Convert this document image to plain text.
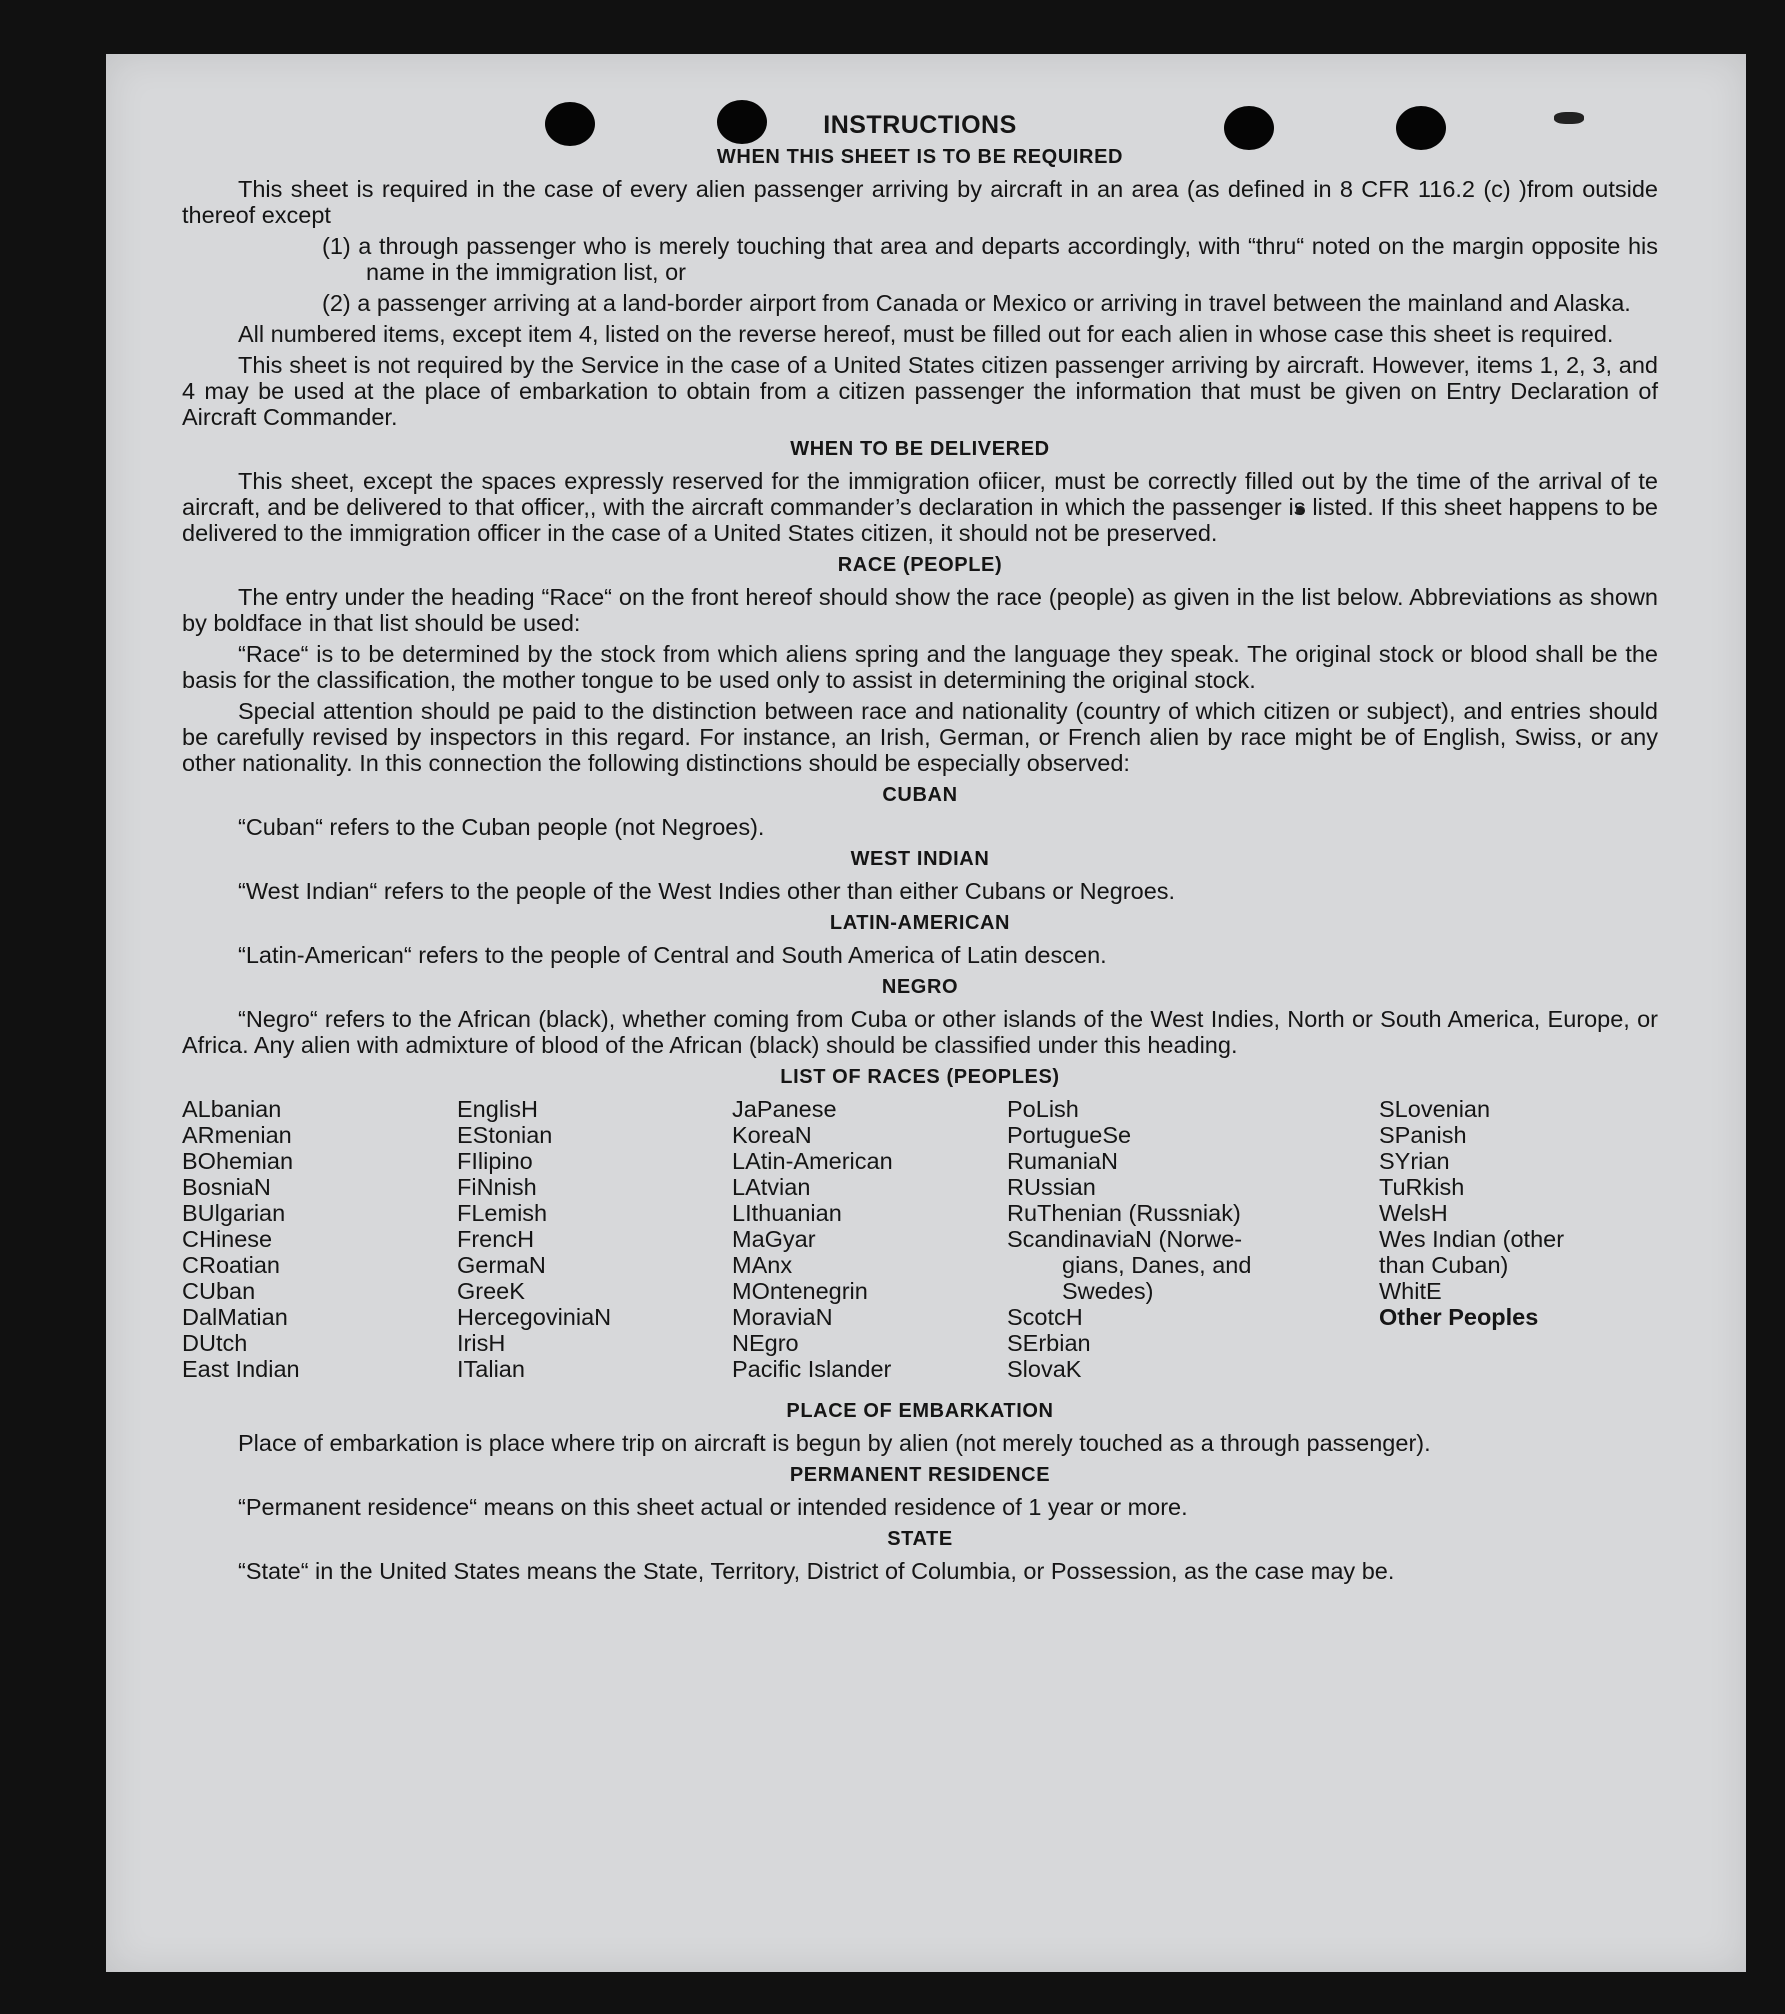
INSTRUCTIONS
WHEN THIS SHEET IS TO BE REQUIRED

This sheet is required in the case of every alien passenger arriving by aircraft in an area (as defined in 8 CFR 116.2 (c) )from outside thereof except

(1) a through passenger who is merely touching that area and departs accordingly, with “thru“ noted on the margin opposite his name in the immigration list, or
(2) a passenger arriving at a land-border airport from Canada or Mexico or arriving in travel between the mainland and Alaska.

All numbered items, except item 4, listed on the reverse hereof, must be filled out for each alien in whose case this sheet is required.

This sheet is not required by the Service in the case of a United States citizen passenger arriving by aircraft. However, items 1, 2, 3, and 4 may be used at the place of embarkation to obtain from a citizen passenger the information that must be given on Entry Declaration of Aircraft Commander.

WHEN TO BE DELIVERED

This sheet, except the spaces expressly reserved for the immigration ofiicer, must be correctly filled out by the time of the arrival of te aircraft, and be delivered to that officer,, with the aircraft commander’s declaration in which the passenger is listed. If this sheet happens to be delivered to the immigration officer in the case of a United States citizen, it should not be preserved.

RACE (PEOPLE)

The entry under the heading “Race“ on the front hereof should show the race (people) as given in the list below. Abbreviations as shown by boldface in that list should be used:

“Race“ is to be determined by the stock from which aliens spring and the language they speak. The original stock or blood shall be the basis for the classification, the mother tongue to be used only to assist in determining the original stock.

Special attention should pe paid to the distinction between race and nationality (country of which citizen or subject), and entries should be carefully revised by inspectors in this regard. For instance, an Irish, German, or French alien by race might be of English, Swiss, or any other nationality. In this connection the following distinctions should be especially observed:

CUBAN

“Cuban“ refers to the Cuban people (not Negroes).

WEST INDIAN

“West Indian“ refers to the people of the West Indies other than either Cubans or Negroes.

LATIN-AMERICAN

“Latin-American“ refers to the people of Central and South America of Latin descen.

NEGRO

“Negro“ refers to the African (black), whether coming from Cuba or other islands of the West Indies, North or South America, Europe, or Africa. Any alien with admixture of blood of the African (black) should be classified under this heading.

LIST OF RACES (PEOPLES)
ALbanian
ARmenian
BOhemian
BosniaN
BUlgarian
CHinese
CRoatian
CUban
DalMatian
DUtch
East Indian
EnglisH
EStonian
FIlipino
FiNnish
FLemish
FrencH
GermaN
GreeK
HercegoviniaN
IrisH
ITalian
JaPanese
KoreaN
LAtin-American
LAtvian
LIthuanian
MaGyar
MAnx
MOntenegrin
MoraviaN
NEgro
Pacific Islander
PoLish
PortugueSe
RumaniaN
RUssian
RuThenian (Russniak)
ScandinaviaN (Norwe-
gians, Danes, and
Swedes)
ScotcH
SErbian
SlovaK
SLovenian
SPanish
SYrian
TuRkish
WelsH
Wes Indian (other
than Cuban)
WhitE
Other Peoples
PLACE OF EMBARKATION

Place of embarkation is place where trip on aircraft is begun by alien (not merely touched as a through passenger).

PERMANENT RESIDENCE

“Permanent residence“ means on this sheet actual or intended residence of 1 year or more.

STATE

“State“ in the United States means the State, Territory, District of Columbia, or Possession, as the case may be.
